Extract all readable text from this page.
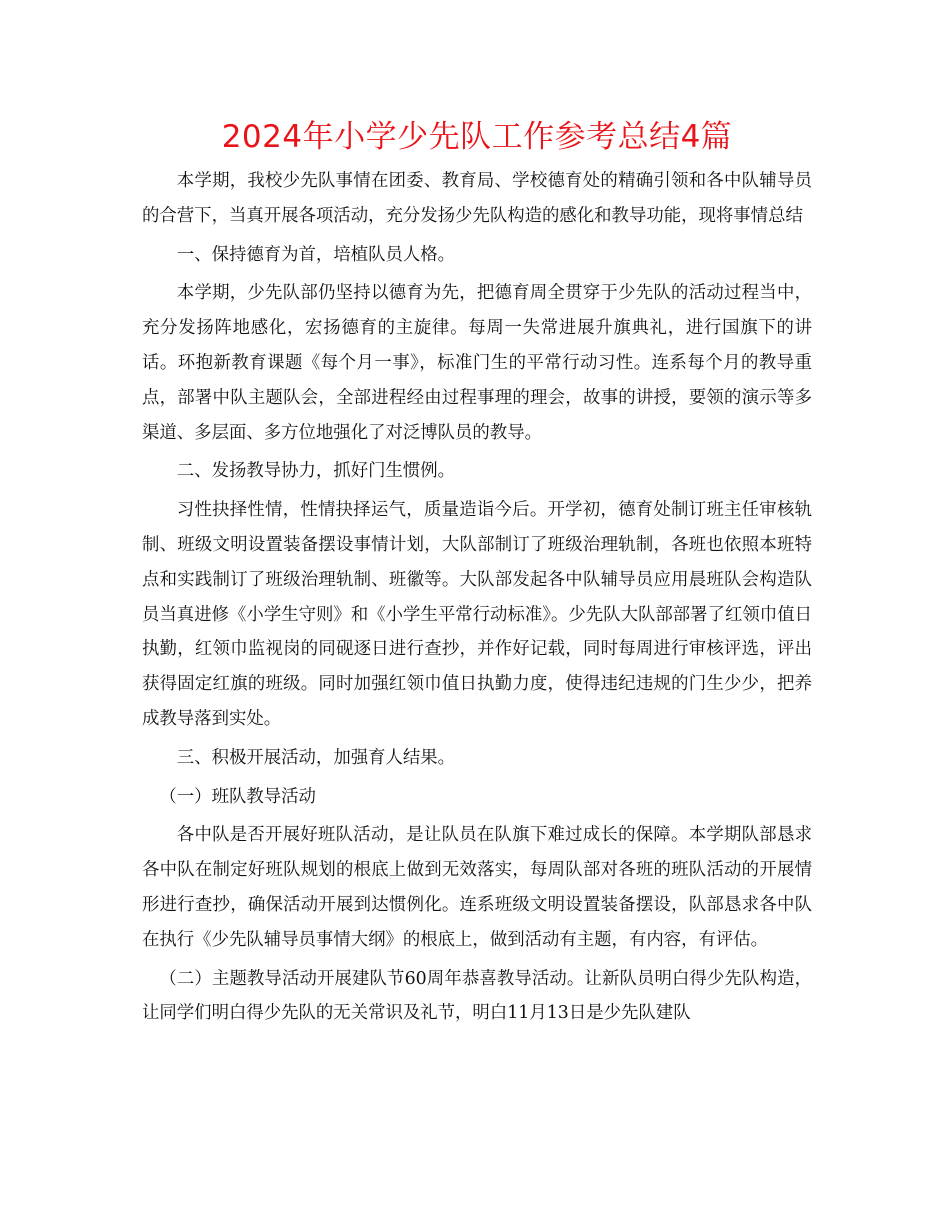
2024年小学少先队工作参考总结4篇

本学期，我校少先队事情在团委、教育局、学校德育处的精确引领和各中队辅导员的合营下，当真开展各项活动，充分发扬少先队构造的感化和教导功能，现将事情总结

一、保持德育为首，培植队员人格。

本学期，少先队部仍坚持以德育为先，把德育周全贯穿于少先队的活动过程当中，充分发扬阵地感化，宏扬德育的主旋律。每周一失常进展升旗典礼，进行国旗下的讲话。环抱新教育课题《每个月一事》，标准门生的平常行动习性。连系每个月的教导重点，部署中队主题队会，全部进程经由过程事理的理会，故事的讲授，要领的演示等多渠道、多层面、多方位地强化了对泛博队员的教导。

二、发扬教导协力，抓好门生惯例。

习性抉择性情，性情抉择运气，质量造诣今后。开学初，德育处制订班主任审核轨制、班级文明设置装备摆设事情计划，大队部制订了班级治理轨制，各班也依照本班特点和实践制订了班级治理轨制、班徽等。大队部发起各中队辅导员应用晨班队会构造队员当真进修《小学生守则》和《小学生平常行动标准》。少先队大队部部署了红领巾值日执勤，红领巾监视岗的同砚逐日进行查抄，并作好记载，同时每周进行审核评选，评出获得固定红旗的班级。同时加强红领巾值日执勤力度，使得违纪违规的门生少少，把养成教导落到实处。

三、积极开展活动，加强育人结果。

（一）班队教导活动

各中队是否开展好班队活动，是让队员在队旗下难过成长的保障。本学期队部恳求各中队在制定好班队规划的根底上做到无效落实，每周队部对各班的班队活动的开展情形进行查抄，确保活动开展到达惯例化。连系班级文明设置装备摆设，队部恳求各中队在执行《少先队辅导员事情大纲》的根底上，做到活动有主题，有内容，有评估。

（二）主题教导活动开展建队节60周年恭喜教导活动。让新队员明白得少先队构造，让同学们明白得少先队的无关常识及礼节，明白11月13日是少先队建队
